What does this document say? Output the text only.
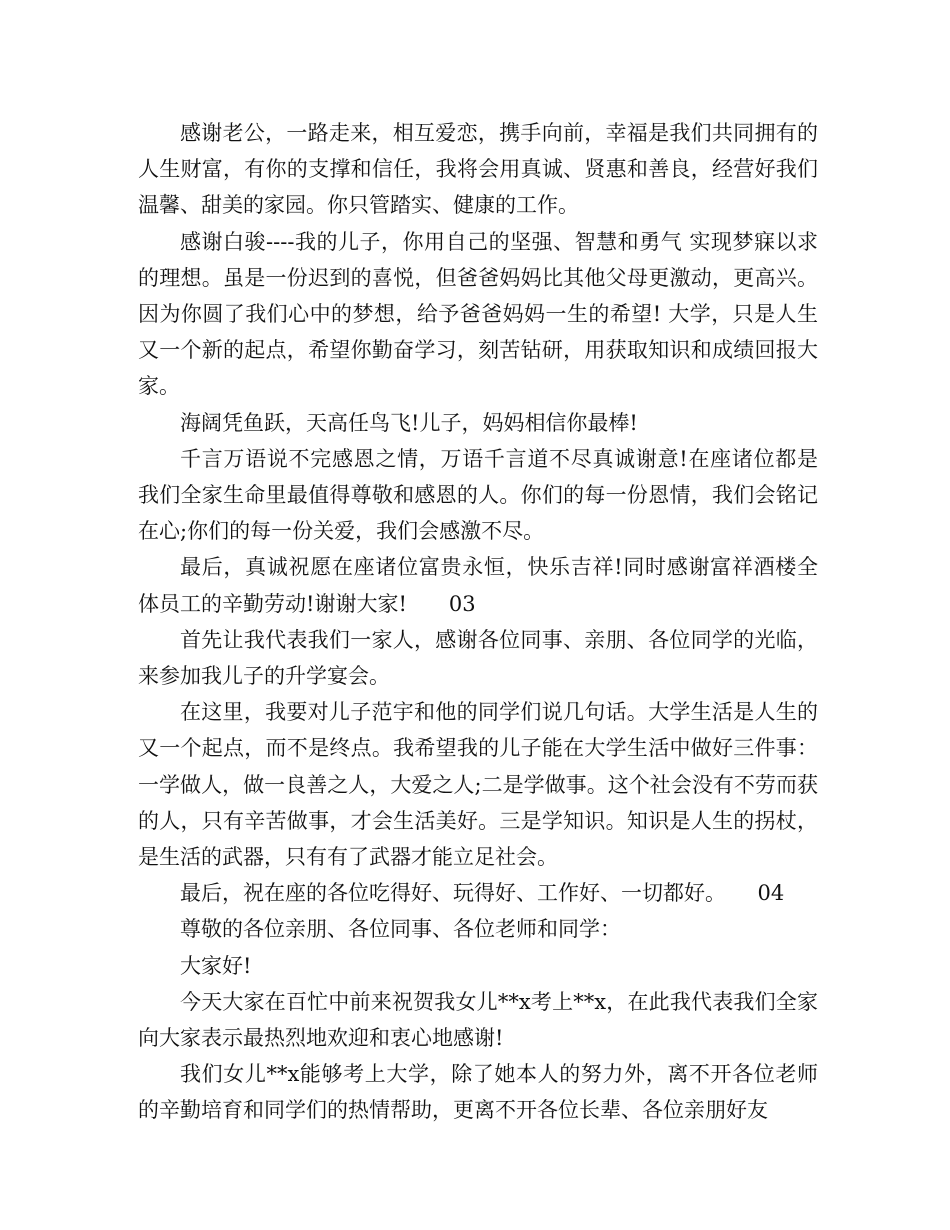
感谢老公，一路走来，相互爱恋，携手向前，幸福是我们共同拥有的人生财富，有你的支撑和信任，我将会用真诚、贤惠和善良，经营好我们温馨、甜美的家园。你只管踏实、健康的工作。

感谢白骏----我的儿子，你用自己的坚强、智慧和勇气 实现梦寐以求的理想。虽是一份迟到的喜悦，但爸爸妈妈比其他父母更激动，更高兴。因为你圆了我们心中的梦想，给予爸爸妈妈一生的希望! 大学，只是人生又一个新的起点，希望你勤奋学习，刻苦钻研，用获取知识和成绩回报大家。

海阔凭鱼跃，天高任鸟飞!儿子，妈妈相信你最棒!

千言万语说不完感恩之情，万语千言道不尽真诚谢意!在座诸位都是我们全家生命里最值得尊敬和感恩的人。你们的每一份恩情，我们会铭记在心;你们的每一份关爱，我们会感激不尽。

最后，真诚祝愿在座诸位富贵永恒，快乐吉祥!同时感谢富祥酒楼全体员工的辛勤劳动!谢谢大家!　　03

首先让我代表我们一家人，感谢各位同事、亲朋、各位同学的光临，来参加我儿子的升学宴会。

在这里，我要对儿子范宇和他的同学们说几句话。大学生活是人生的又一个起点，而不是终点。我希望我的儿子能在大学生活中做好三件事：一学做人，做一良善之人，大爱之人;二是学做事。这个社会没有不劳而获的人，只有辛苦做事，才会生活美好。三是学知识。知识是人生的拐杖，是生活的武器，只有有了武器才能立足社会。

最后，祝在座的各位吃得好、玩得好、工作好、一切都好。　　04

尊敬的各位亲朋、各位同事、各位老师和同学：

大家好!

今天大家在百忙中前来祝贺我女儿**x考上**x，在此我代表我们全家向大家表示最热烈地欢迎和衷心地感谢!

我们女儿**x能够考上大学，除了她本人的努力外，离不开各位老师的辛勤培育和同学们的热情帮助，更离不开各位长辈、各位亲朋好友
